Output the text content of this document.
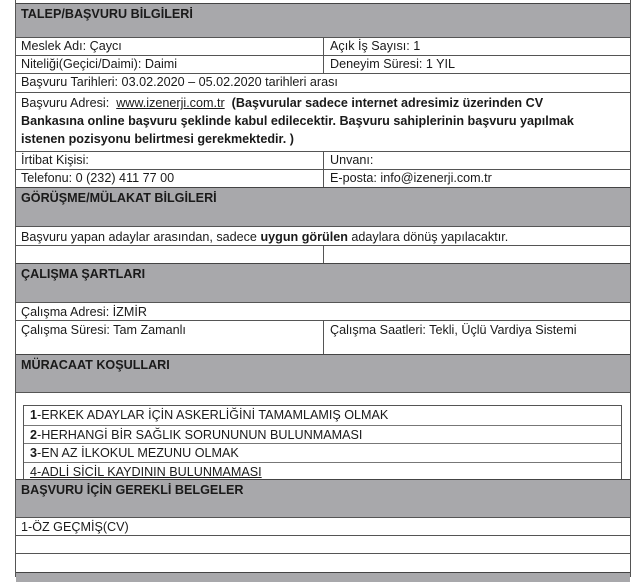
TALEP/BAŞVURU BİLGİLERİ
Meslek Adı: Çaycı	Açık İş Sayısı: 1
Niteliği(Geçici/Daimi): Daimi	Deneyim Süresi: 1 YIL
Başvuru Tarihleri: 03.02.2020 – 05.02.2020 tarihleri arası
Başvuru Adresi: www.izenerji.com.tr (Başvurular sadece internet adresimiz üzerinden CV Bankasına online başvuru şeklinde kabul edilecektir. Başvuru sahiplerinin başvuru yapılmak istenen pozisyonu belirtmesi gerekmektedir. )
İrtibat Kişisi:	Unvanı:
Telefonu: 0 (232) 411 77 00	E-posta: info@izenerji.com.tr
GÖRÜŞME/MÜLAKAT BİLGİLERİ
Başvuru yapan adaylar arasından, sadece uygun görülen adaylara dönüş yapılacaktır.
ÇALIŞMA ŞARTLARI
Çalışma Adresi: İZMİR
Çalışma Süresi: Tam Zamanlı	Çalışma Saatleri: Tekli, Üçlü Vardiya Sistemi
MÜRACAAT KOŞULLARI
1-ERKEK ADAYLAR İÇİN ASKERLİĞİNİ TAMAMLAMIŞ OLMAK
2-HERHANGİ BİR SAĞLIK SORUNUNUN BULUNMAMASI
3-EN AZ İLKOKUL MEZUNU OLMAK
4-ADLİ SİCİL KAYDININ BULUNMAMASI
BAŞVURU İÇİN GEREKLİ BELGELER
1-ÖZ GEÇMİŞ(CV)
